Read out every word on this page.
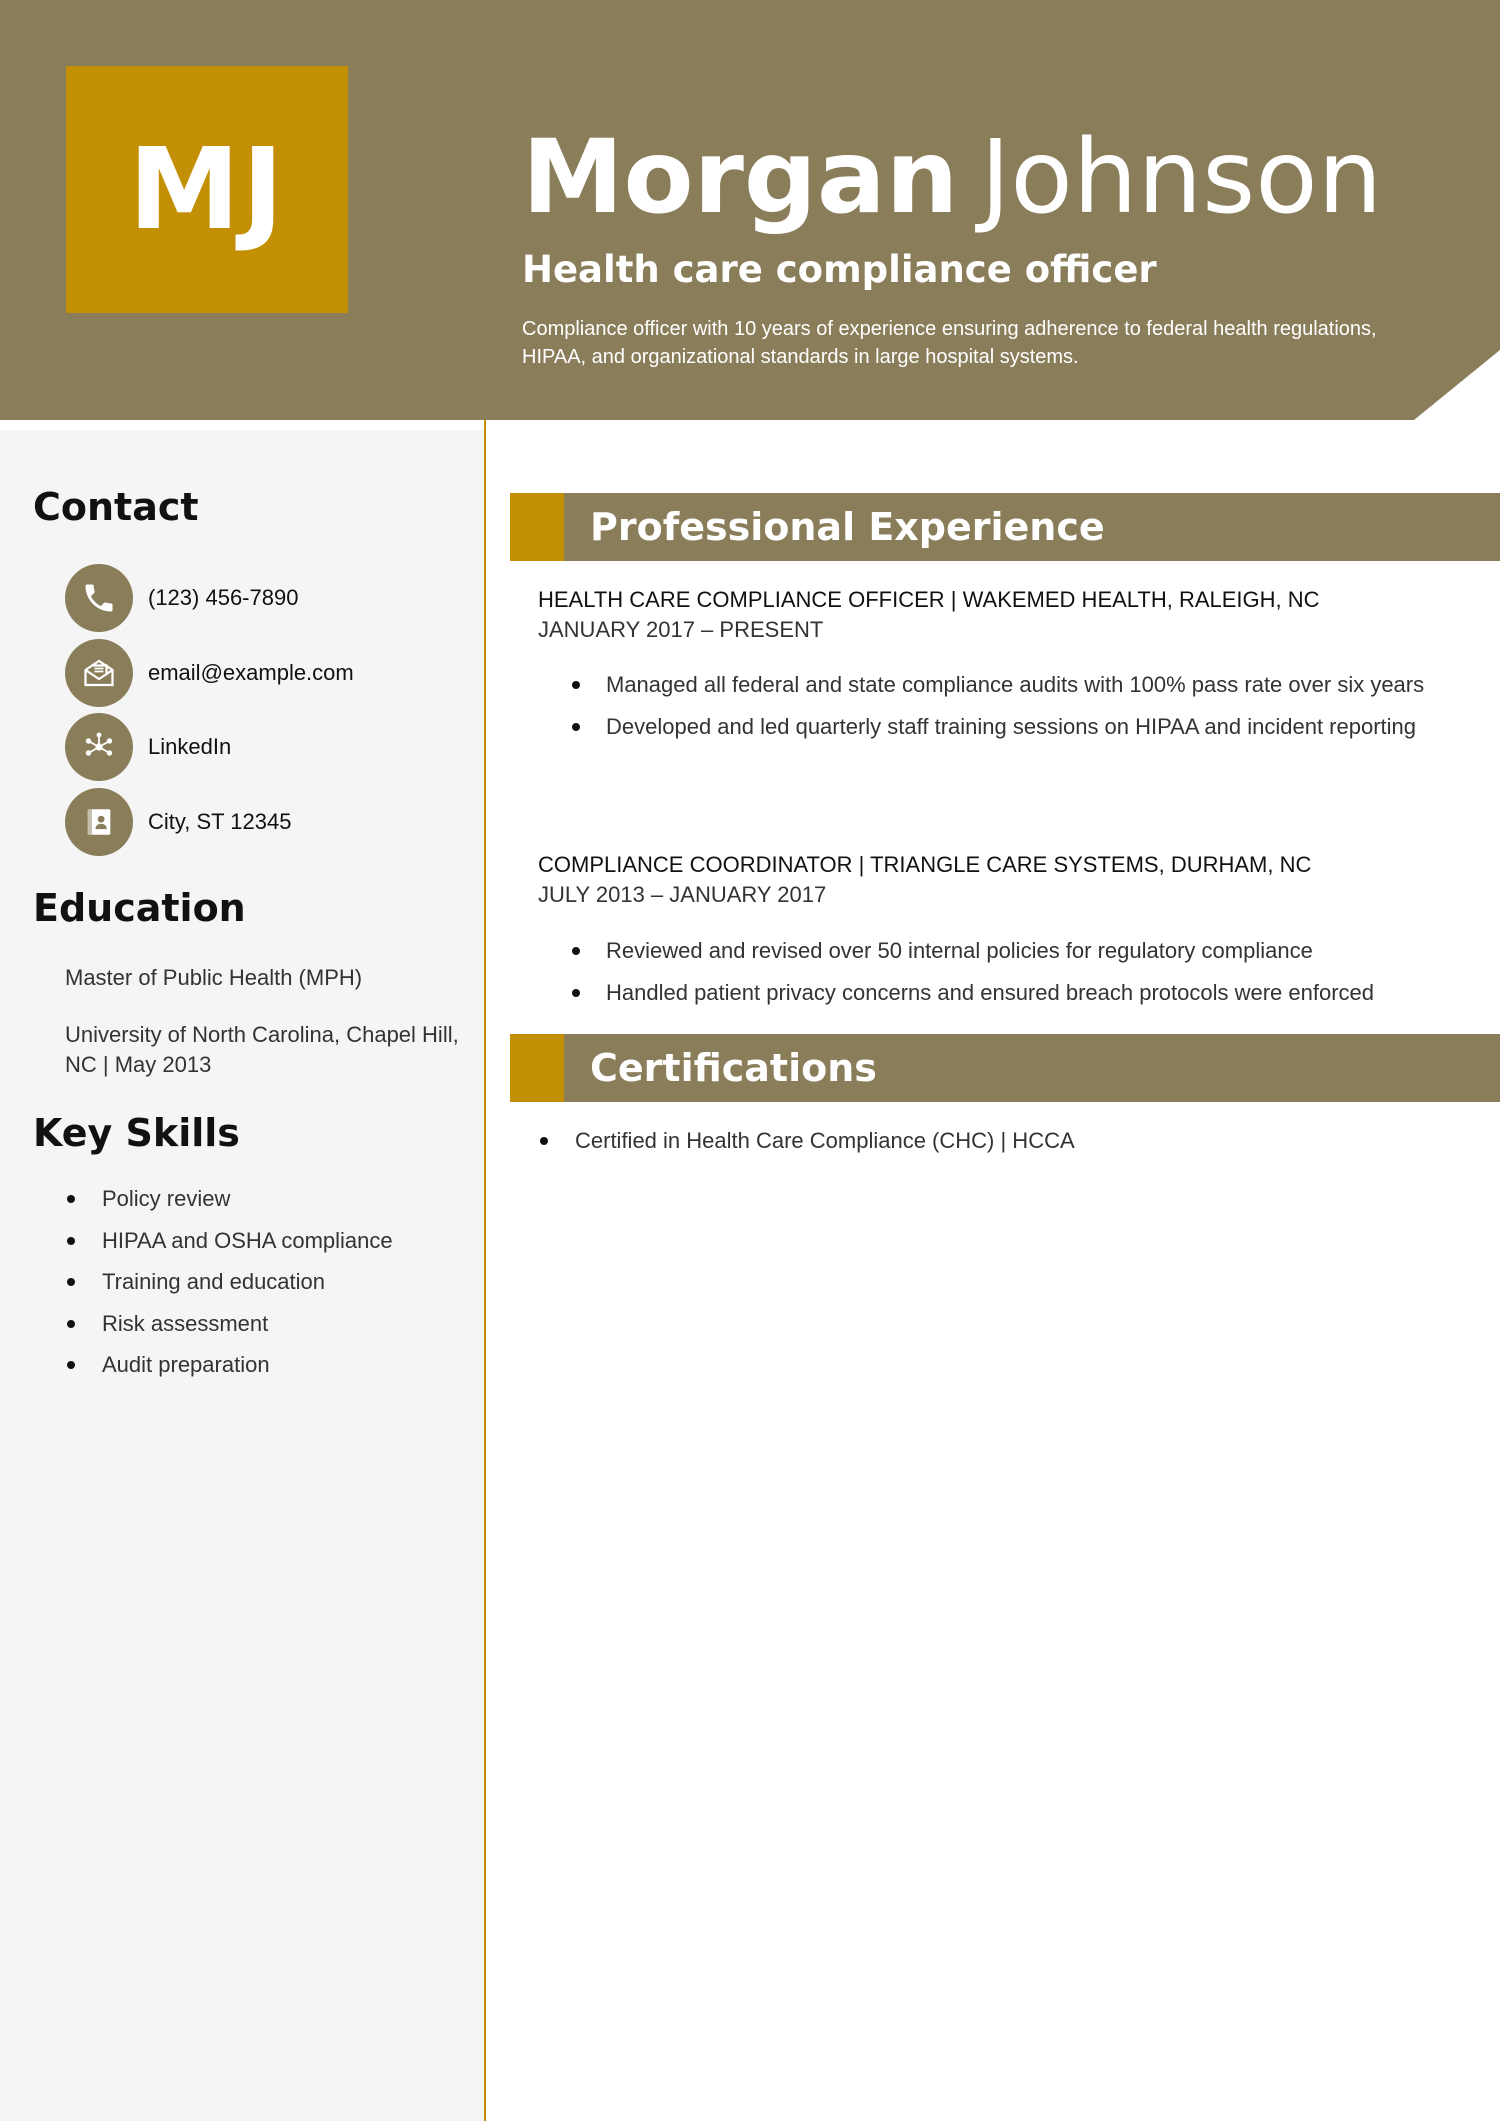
MJ Morgan Johnson
Health care compliance officer
Compliance officer with 10 years of experience ensuring adherence to federal health regulations, HIPAA, and organizational standards in large hospital systems.
Contact
(123) 456-7890
email@example.com
LinkedIn
City, ST 12345
Education
Master of Public Health (MPH)
University of North Carolina, Chapel Hill, NC | May 2013
Key Skills
Policy review
HIPAA and OSHA compliance
Training and education
Risk assessment
Audit preparation
Professional Experience
HEALTH CARE COMPLIANCE OFFICER | WAKEMED HEALTH, RALEIGH, NC
JANUARY 2017 – PRESENT
Managed all federal and state compliance audits with 100% pass rate over six years
Developed and led quarterly staff training sessions on HIPAA and incident reporting
COMPLIANCE COORDINATOR | TRIANGLE CARE SYSTEMS, DURHAM, NC
JULY 2013 – JANUARY 2017
Reviewed and revised over 50 internal policies for regulatory compliance
Handled patient privacy concerns and ensured breach protocols were enforced
Certifications
Certified in Health Care Compliance (CHC) | HCCA
